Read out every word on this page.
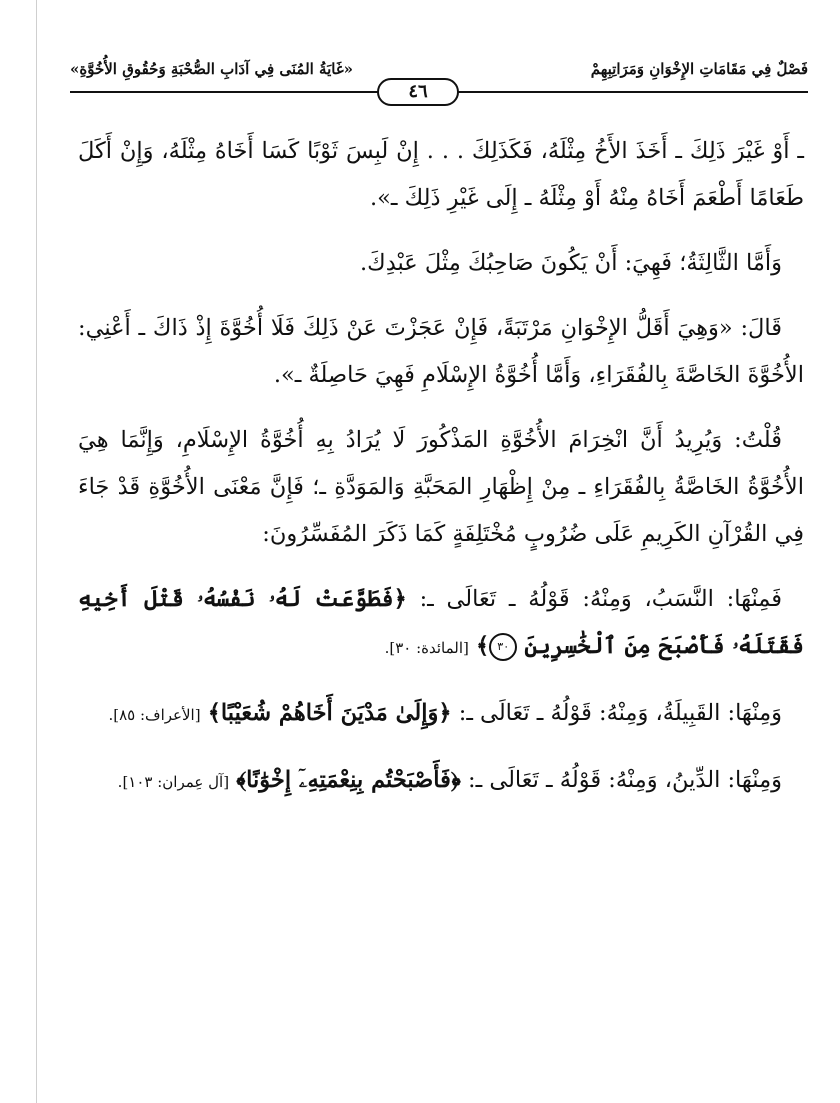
فَصْلٌ فِي مَقَامَاتِ الإِخْوَانِ وَمَرَاتِبِهِمْ
«غَايَةُ المُنَى فِي آدَابِ الصُّحْبَةِ وَحُقُوقِ الأُخُوَّةِ»
٤٦

ـ أَوْ غَيْرَ ذَلِكَ ـ أَخَذَ الأَخُ مِثْلَهُ، فَكَذَلِكَ . . . إِنْ لَبِسَ ثَوْبًا كَسَا أَخَاهُ مِثْلَهُ، وَإِنْ أَكَلَ طَعَامًا أَطْعَمَ أَخَاهُ مِنْهُ أَوْ مِثْلَهُ ـ إِلَى غَيْرِ ذَلِكَ ـ».

وَأَمَّا الثَّالِثَةُ؛ فَهِيَ: أَنْ يَكُونَ صَاحِبُكَ مِثْلَ عَبْدِكَ.

قَالَ: «وَهِيَ أَقَلُّ الإِخْوَانِ مَرْتَبَةً، فَإِنْ عَجَزْتَ عَنْ ذَلِكَ فَلَا أُخُوَّةَ إِذْ ذَاكَ ـ أَعْنِي: الأُخُوَّةَ الخَاصَّةَ بِالفُقَرَاءِ، وَأَمَّا أُخُوَّةُ الإِسْلَامِ فَهِيَ حَاصِلَةٌ ـ».

قُلْتُ: وَيُرِيدُ أَنَّ انْخِرَامَ الأُخُوَّةِ المَذْكُورَ لَا يُرَادُ بِهِ أُخُوَّةُ الإِسْلَامِ، وَإِنَّمَا هِيَ الأُخُوَّةُ الخَاصَّةُ بِالفُقَرَاءِ ـ مِنْ إِظْهَارِ المَحَبَّةِ وَالمَوَدَّةِ ـ؛ فَإِنَّ مَعْنَى الأُخُوَّةِ قَدْ جَاءَ فِي القُرْآنِ الكَرِيمِ عَلَى ضُرُوبٍ مُخْتَلِفَةٍ كَمَا ذَكَرَ المُفَسِّرُونَ:

فَمِنْهَا: النَّسَبُ، وَمِنْهُ: قَوْلُهُ ـ تَعَالَى ـ: ﴿فَطَوَّعَتْ لَهُۥ نَفْسُهُۥ قَتْلَ أَخِيهِ فَقَتَلَهُۥ فَأَصْبَحَ مِنَ ٱلْخَٰسِرِينَ ٣٠﴾ [المائدة: ٣٠].

وَمِنْهَا: القَبِيلَةُ، وَمِنْهُ: قَوْلُهُ ـ تَعَالَى ـ: ﴿وَإِلَىٰ مَدْيَنَ أَخَاهُمْ شُعَيْبًا﴾ [الأعراف: ٨٥].

وَمِنْهَا: الدِّينُ، وَمِنْهُ: قَوْلُهُ ـ تَعَالَى ـ: ﴿فَأَصْبَحْتُم بِنِعْمَتِهِۦٓ إِخْوَٰنًا﴾ [آل عِمران: ١٠٣].
